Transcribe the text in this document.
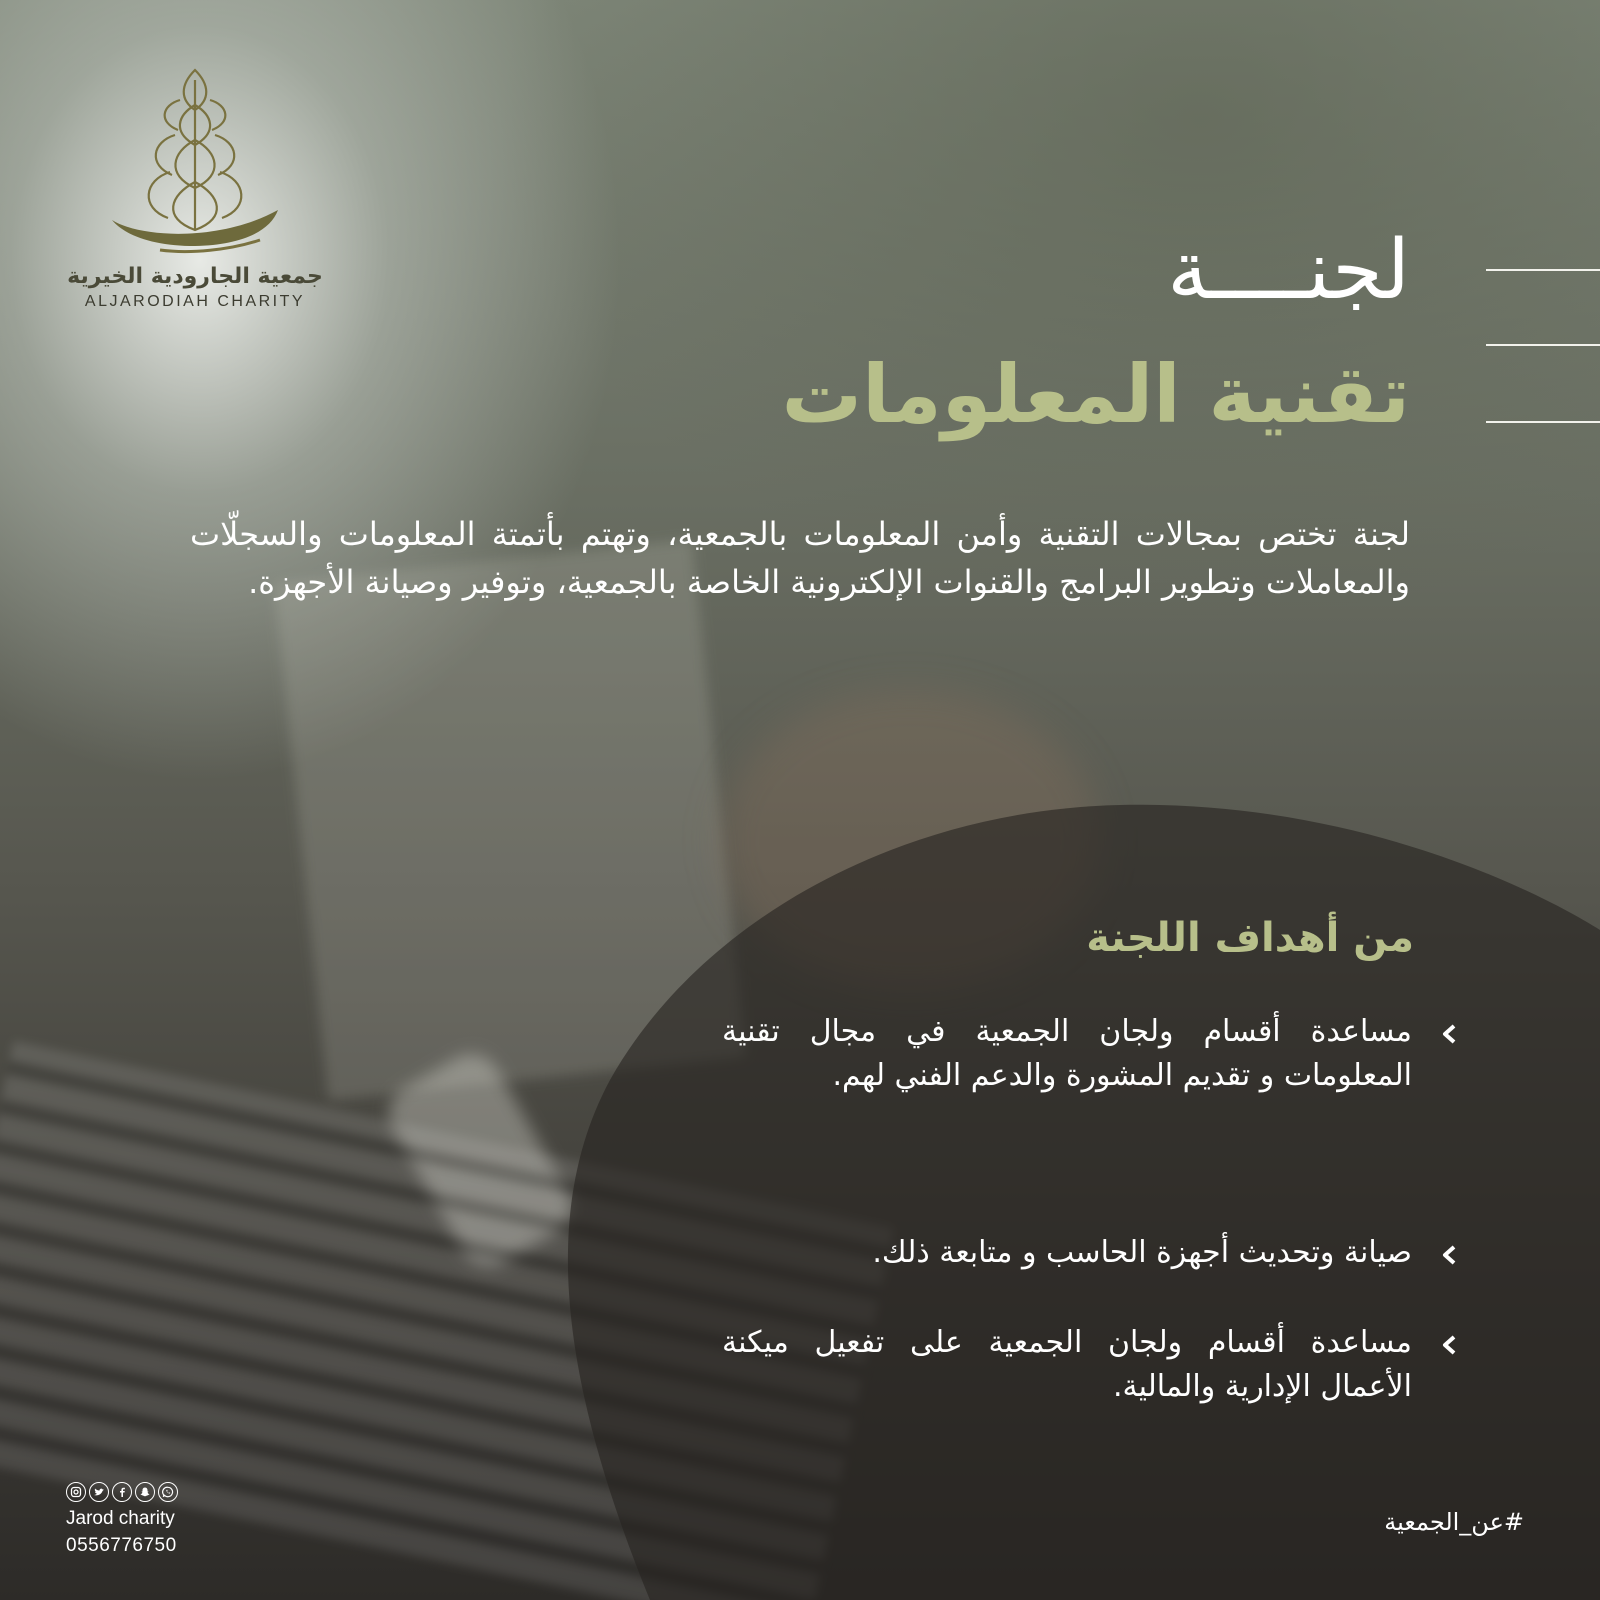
جمعية الجارودية الخيرية
ALJARODIAH CHARITY	لجنــــة
تقنية المعلومات
لجنة تختص بمجالات التقنية وأمن المعلومات بالجمعية، وتهتم بأتمتة المعلومات والسجلّات والمعاملات وتطوير البرامج والقنوات الإلكترونية الخاصة بالجمعية، وتوفير وصيانة الأجهزة.
من أهداف اللجنة
مساعدة أقسام ولجان الجمعية في مجال تقنية المعلومات و تقديم المشورة والدعم الفني لهم.
صيانة وتحديث أجهزة الحاسب و متابعة ذلك.
مساعدة أقسام ولجان الجمعية على تفعيل ميكنة الأعمال الإدارية والمالية.
Jarod charity
0556776750
#عن_الجمعية
